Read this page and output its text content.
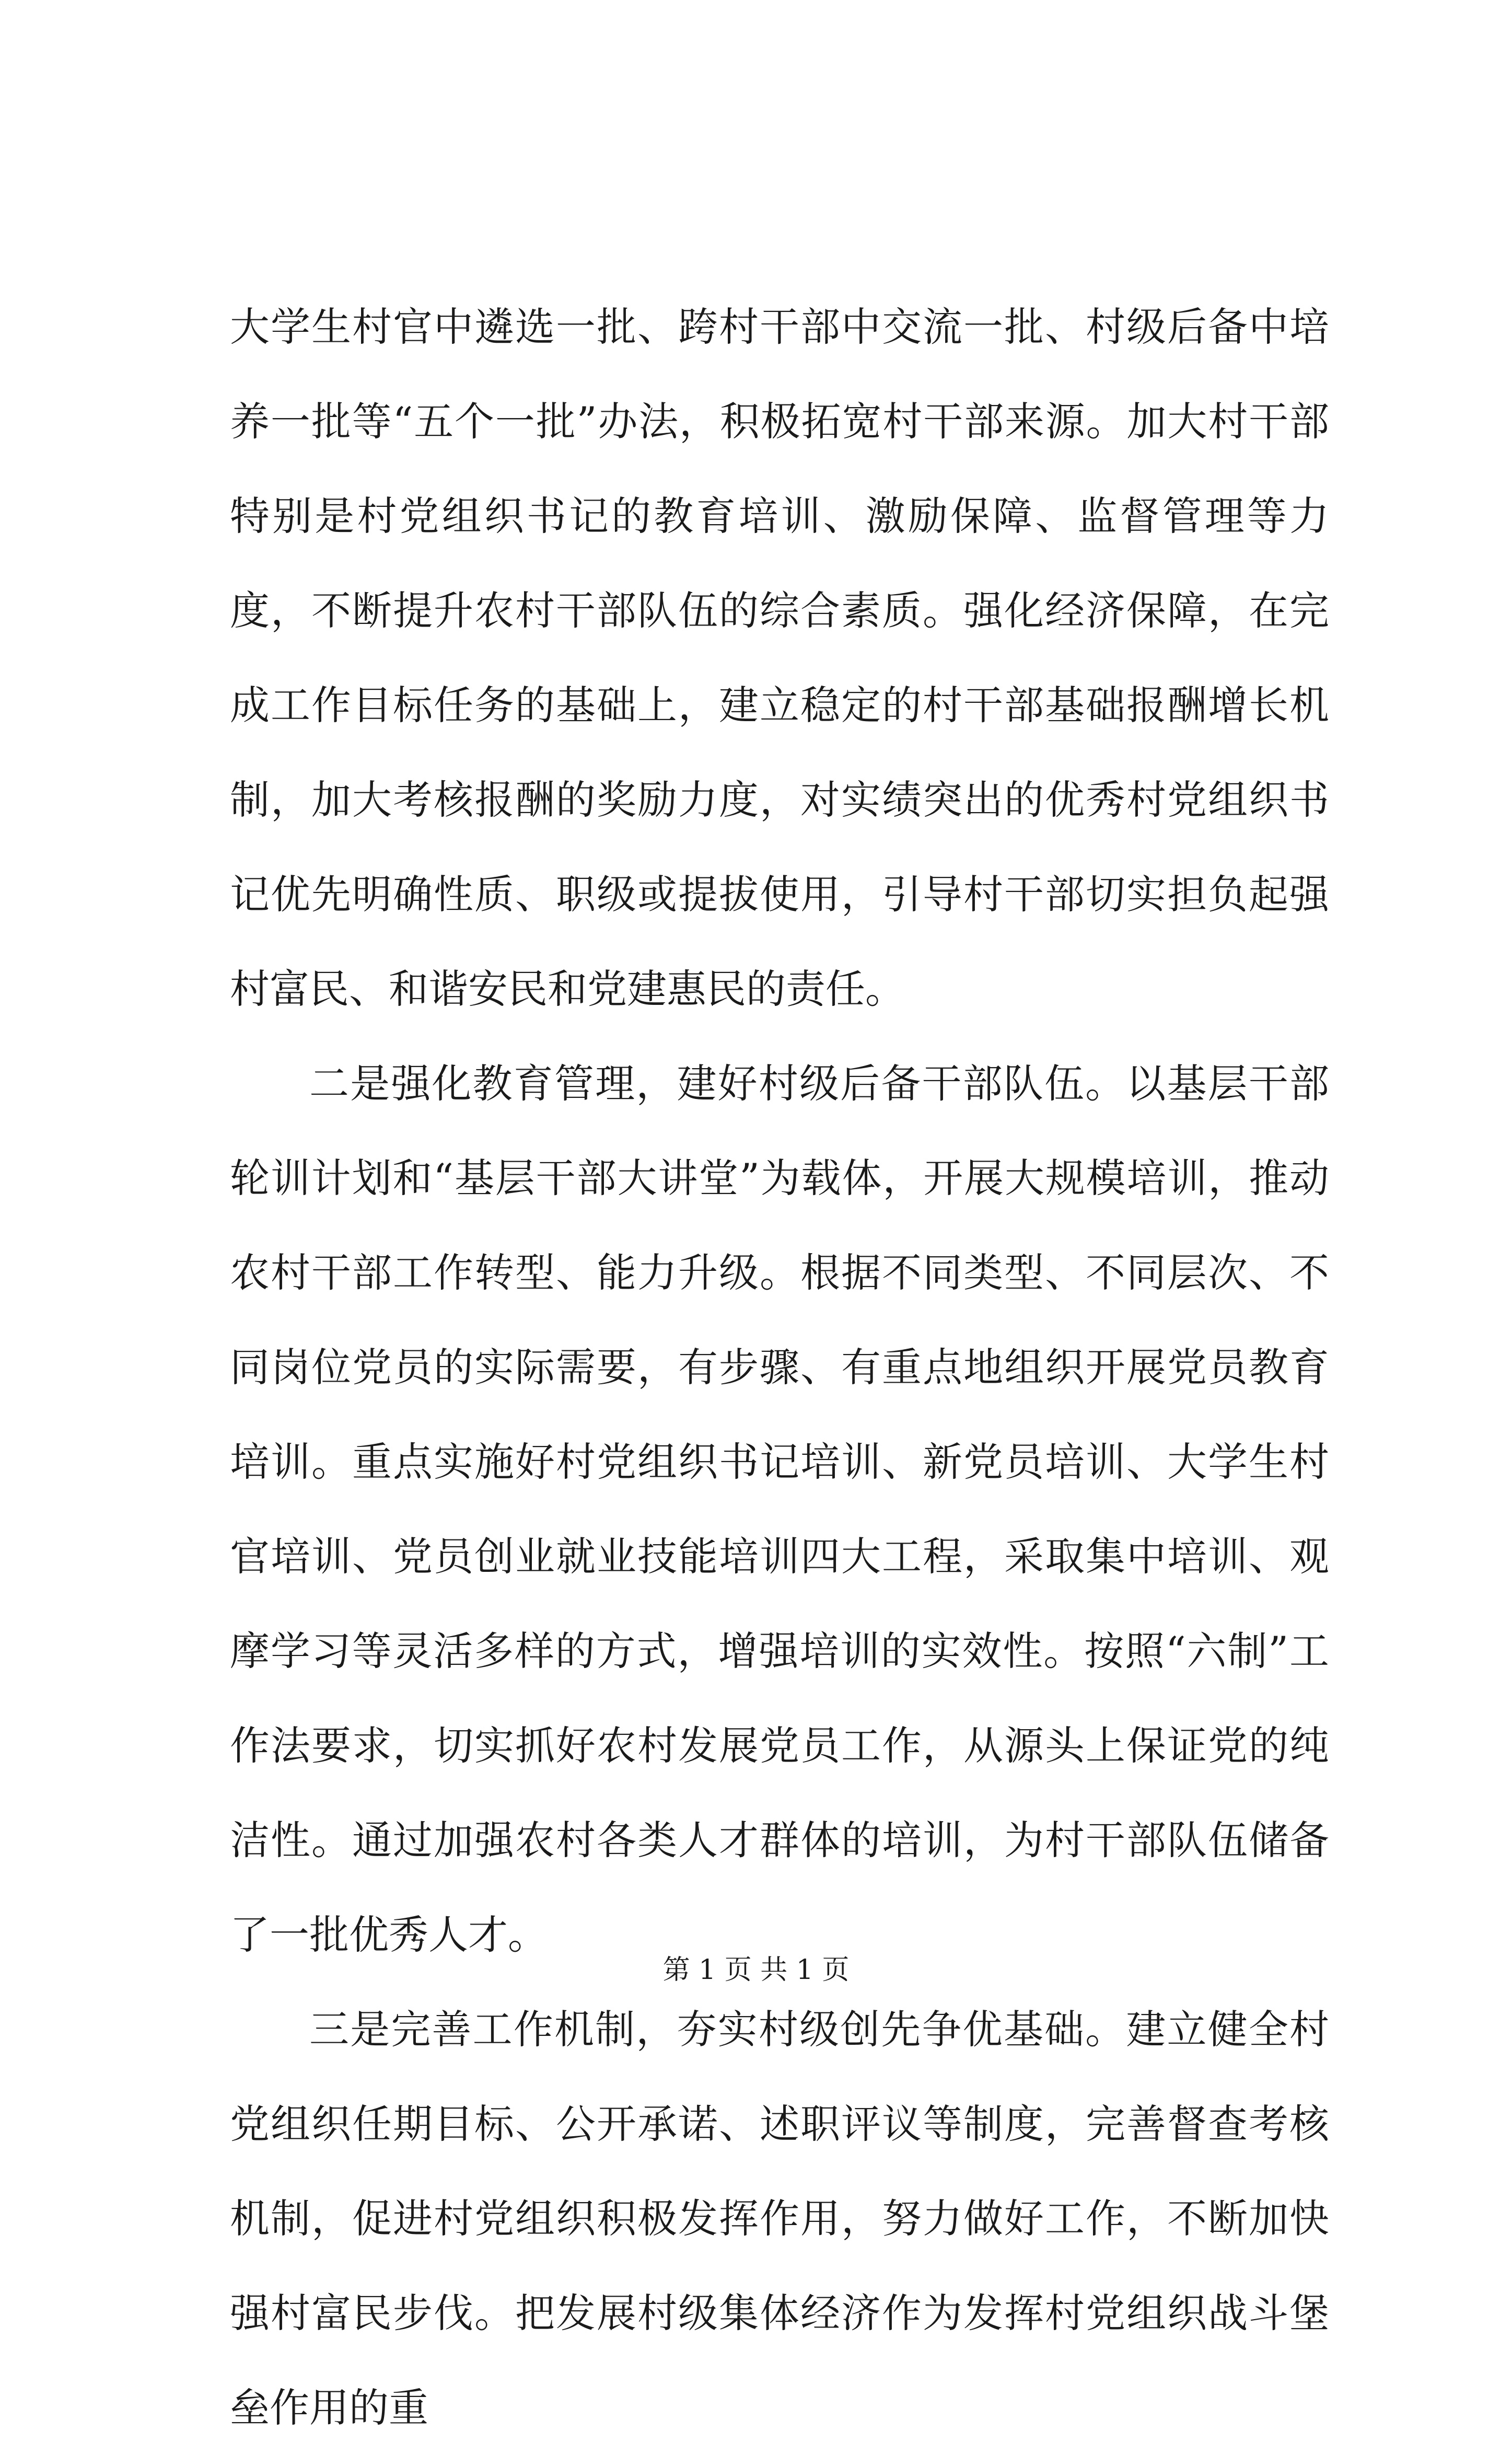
大学生村官中遴选一批、跨村干部中交流一批、村级后备中培养一批等“五个一批”办法，积极拓宽村干部来源。加大村干部特别是村党组织书记的教育培训、激励保障、监督管理等力度，不断提升农村干部队伍的综合素质。强化经济保障，在完成工作目标任务的基础上，建立稳定的村干部基础报酬增长机制，加大考核报酬的奖励力度，对实绩突出的优秀村党组织书记优先明确性质、职级或提拔使用，引导村干部切实担负起强村富民、和谐安民和党建惠民的责任。

二是强化教育管理，建好村级后备干部队伍。以基层干部轮训计划和“基层干部大讲堂”为载体，开展大规模培训，推动农村干部工作转型、能力升级。根据不同类型、不同层次、不同岗位党员的实际需要，有步骤、有重点地组织开展党员教育培训。重点实施好村党组织书记培训、新党员培训、大学生村官培训、党员创业就业技能培训四大工程，采取集中培训、观摩学习等灵活多样的方式，增强培训的实效性。按照“六制”工作法要求，切实抓好农村发展党员工作，从源头上保证党的纯洁性。通过加强农村各类人才群体的培训，为村干部队伍储备了一批优秀人才。

三是完善工作机制，夯实村级创先争优基础。建立健全村党组织任期目标、公开承诺、述职评议等制度，完善督查考核机制，促进村党组织积极发挥作用，努力做好工作，不断加快强村富民步伐。把发展村级集体经济作为发挥村党组织战斗堡垒作用的重

第 1 页 共 1 页
